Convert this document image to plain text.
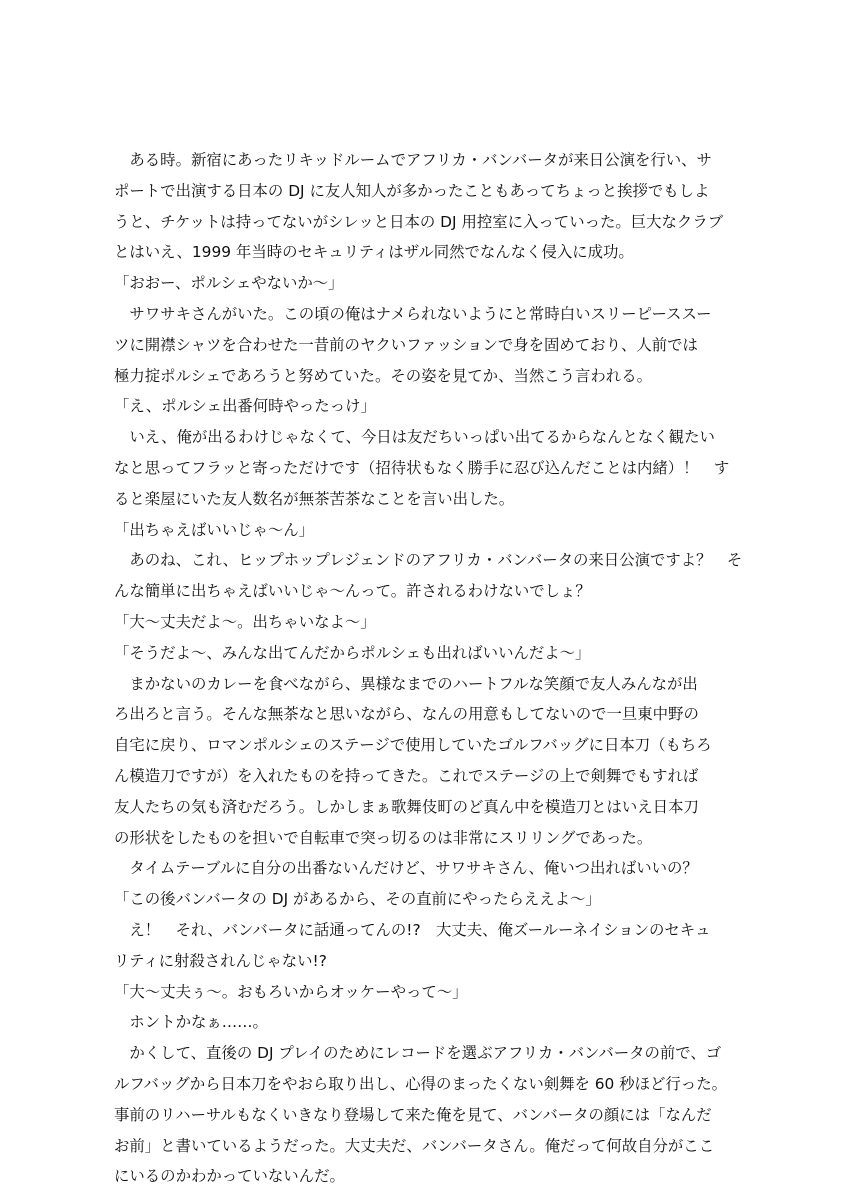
　ある時。新宿にあったリキッドルームでアフリカ・バンバータが来日公演を行い、サ
ポートで出演する日本の DJ に友人知人が多かったこともあってちょっと挨拶でもしよ
うと、チケットは持ってないがシレッと日本の DJ 用控室に入っていった。巨大なクラブ
とはいえ、1999 年当時のセキュリティはザル同然でなんなく侵入に成功。
「おおー、ポルシェやないか～」
　サワサキさんがいた。この頃の俺はナメられないようにと常時白いスリーピーススー
ツに開襟シャツを合わせた一昔前のヤクいファッションで身を固めており、人前では
極力掟ポルシェであろうと努めていた。その姿を見てか、当然こう言われる。
「え、ポルシェ出番何時やったっけ」
　いえ、俺が出るわけじゃなくて、今日は友だちいっぱい出てるからなんとなく観たい
なと思ってフラッと寄っただけです（招待状もなく勝手に忍び込んだことは内緒）！　す
ると楽屋にいた友人数名が無茶苦茶なことを言い出した。
「出ちゃえばいいじゃ～ん」
　あのね、これ、ヒップホップレジェンドのアフリカ・バンバータの来日公演ですよ？　そ
んな簡単に出ちゃえばいいじゃ～んって。許されるわけないでしょ？
「大～丈夫だよ～。出ちゃいなよ～」
「そうだよ～、みんな出てんだからポルシェも出ればいいんだよ～」
　まかないのカレーを食べながら、異様なまでのハートフルな笑顔で友人みんなが出
ろ出ろと言う。そんな無茶なと思いながら、なんの用意もしてないので一旦東中野の
自宅に戻り、ロマンポルシェのステージで使用していたゴルフバッグに日本刀（もちろ
ん模造刀ですが）を入れたものを持ってきた。これでステージの上で剣舞でもすれば
友人たちの気も済むだろう。しかしまぁ歌舞伎町のど真ん中を模造刀とはいえ日本刀
の形状をしたものを担いで自転車で突っ切るのは非常にスリリングであった。
　タイムテーブルに自分の出番ないんだけど、サワサキさん、俺いつ出ればいいの？
「この後バンバータの DJ があるから、その直前にやったらええよ～」
　え！　それ、バンバータに話通ってんの!?　大丈夫、俺ズールーネイションのセキュ
リティに射殺されんじゃない!?
「大～丈夫ぅ～。おもろいからオッケーやって～」
　ホントかなぁ……。
　かくして、直後の DJ プレイのためにレコードを選ぶアフリカ・バンバータの前で、ゴ
ルフバッグから日本刀をやおら取り出し、心得のまったくない剣舞を 60 秒ほど行った。
事前のリハーサルもなくいきなり登場して来た俺を見て、バンバータの顔には「なんだ
お前」と書いているようだった。大丈夫だ、バンバータさん。俺だって何故自分がここ
にいるのかわかっていないんだ。
